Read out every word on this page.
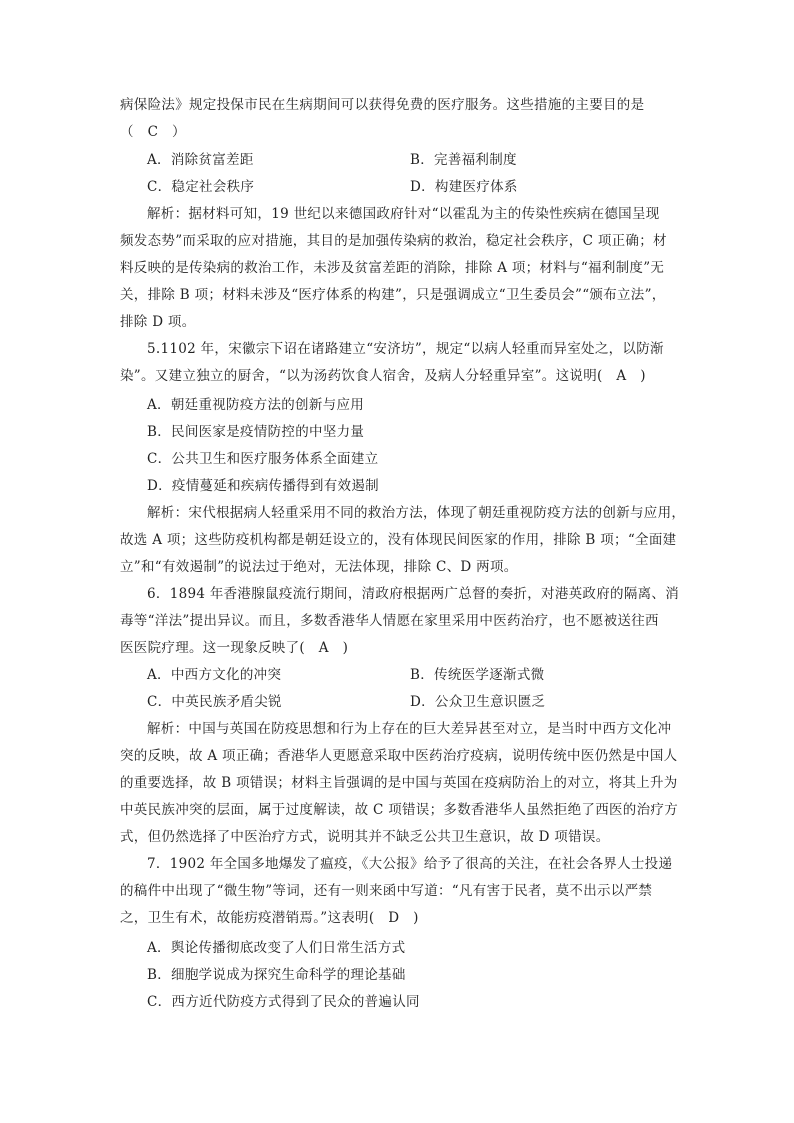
病保险法》规定投保市民在生病期间可以获得免费的医疗服务。这些措施的主要目的是
（　C　）
A．消除贫富差距	B．完善福利制度
C．稳定社会秩序	D．构建医疗体系
解析：据材料可知，19 世纪以来德国政府针对“以霍乱为主的传染性疾病在德国呈现
频发态势”而采取的应对措施，其目的是加强传染病的救治，稳定社会秩序，C 项正确；材
料反映的是传染病的救治工作，未涉及贫富差距的消除，排除 A 项；材料与“福利制度”无
关，排除 B 项；材料未涉及“医疗体系的构建”，只是强调成立“卫生委员会”“颁布立法”，
排除 D 项。
5.1102 年，宋徽宗下诏在诸路建立“安济坊”，规定“以病人轻重而异室处之，以防渐
染”。又建立独立的厨舍，“以为汤药饮食人宿舍，及病人分轻重异室”。这说明(　A　)
A．朝廷重视防疫方法的创新与应用
B．民间医家是疫情防控的中坚力量
C．公共卫生和医疗服务体系全面建立
D．疫情蔓延和疾病传播得到有效遏制
解析：宋代根据病人轻重采用不同的救治方法，体现了朝廷重视防疫方法的创新与应用，
故选 A 项；这些防疫机构都是朝廷设立的，没有体现民间医家的作用，排除 B 项；“全面建
立”和“有效遏制”的说法过于绝对，无法体现，排除 C、D 两项。
6．1894 年香港腺鼠疫流行期间，清政府根据两广总督的奏折，对港英政府的隔离、消
毒等“洋法”提出异议。而且，多数香港华人情愿在家里采用中医药治疗，也不愿被送往西
医医院疗理。这一现象反映了(　A　)
A．中西方文化的冲突	B．传统医学逐渐式微
C．中英民族矛盾尖锐	D．公众卫生意识匮乏
解析：中国与英国在防疫思想和行为上存在的巨大差异甚至对立，是当时中西方文化冲
突的反映，故 A 项正确；香港华人更愿意采取中医药治疗疫病，说明传统中医仍然是中国人
的重要选择，故 B 项错误；材料主旨强调的是中国与英国在疫病防治上的对立，将其上升为
中英民族冲突的层面，属于过度解读，故 C 项错误；多数香港华人虽然拒绝了西医的治疗方
式，但仍然选择了中医治疗方式，说明其并不缺乏公共卫生意识，故 D 项错误。
7．1902 年全国多地爆发了瘟疫，《大公报》给予了很高的关注，在社会各界人士投递
的稿件中出现了“微生物”等词，还有一则来函中写道：“凡有害于民者，莫不出示以严禁
之，卫生有术，故能疠疫潜销焉。”这表明(　D　)
A．舆论传播彻底改变了人们日常生活方式
B．细胞学说成为探究生命科学的理论基础
C．西方近代防疫方式得到了民众的普遍认同
